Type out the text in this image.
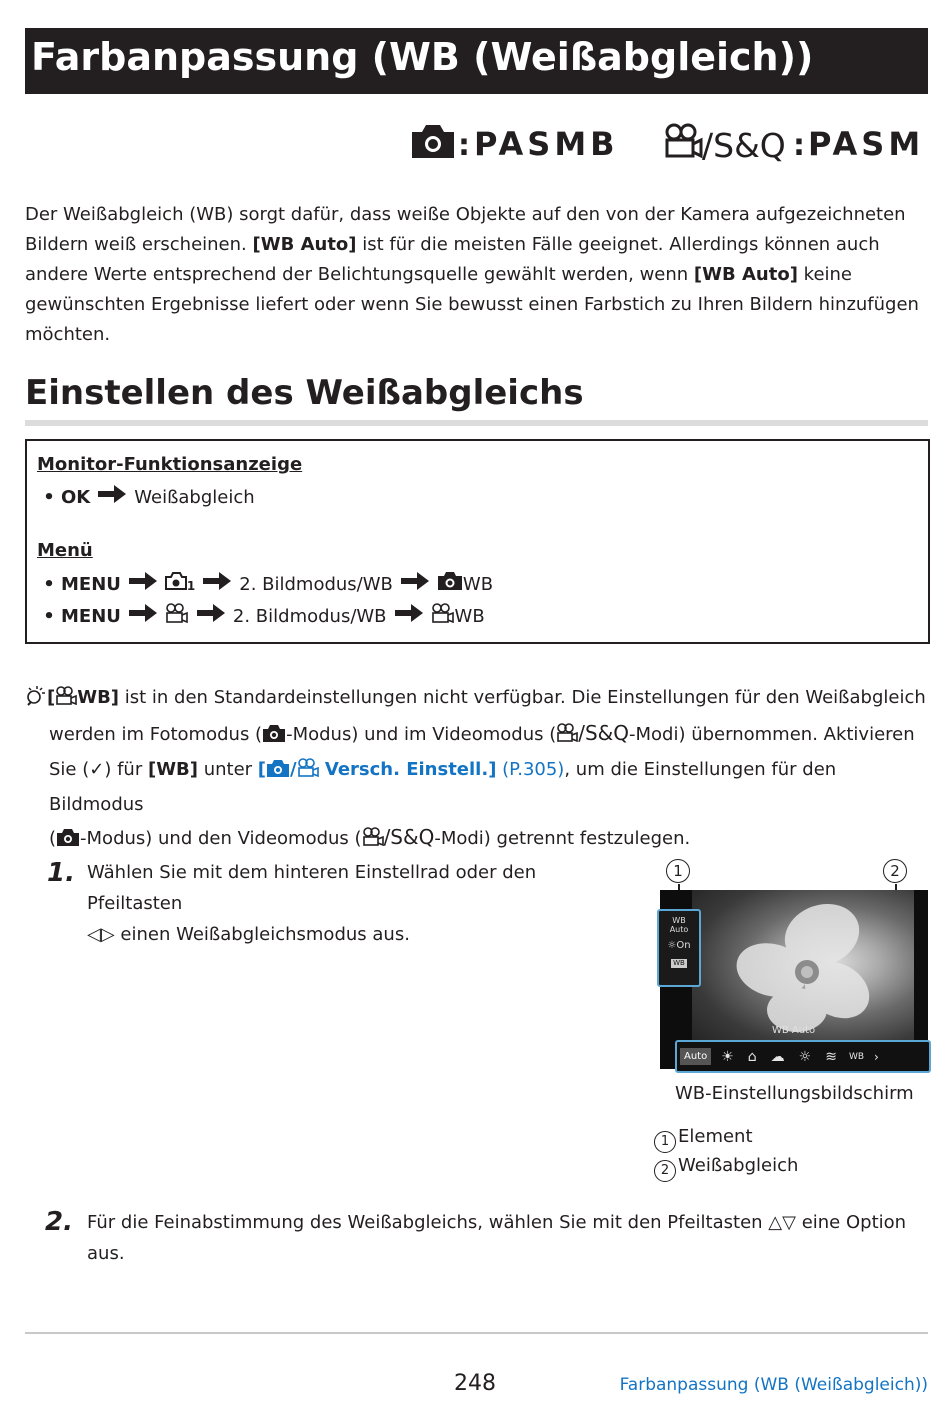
Farbanpassung (WB (Weißabgleich))
: PASMB	/S&Q : PASM
Der Weißabgleich (WB) sorgt dafür, dass weiße Objekte auf den von der Kamera aufgezeichneten Bildern weiß erscheinen. [WB Auto] ist für die meisten Fälle geeignet. Allerdings können auch andere Werte entsprechend der Belichtungsquelle gewählt werden, wenn [WB Auto] keine gewünschten Ergebnisse liefert oder wenn Sie bewusst einen Farbstich zu Ihren Bildern hinzufügen möchten.
Einstellen des Weißabgleichs
Monitor-Funktionsanzeige
• OK Weißabgleich
Menü
• MENU	1 2. Bildmodus/WB	WB
• MENU	2. Bildmodus/WB	WB
[ WB] ist in den Standardeinstellungen nicht verfügbar. Die Einstellungen für den Weißabgleich
werden im Fotomodus ( -Modus) und im Videomodus ( /S&Q-Modi) übernommen. Aktivieren
Sie (✓) für [WB] unter [ / Versch. Einstell.] (P.305), um die Einstellungen für den Bildmodus
( -Modus) und den Videomodus ( /S&Q-Modi) getrennt festzulegen.
1. Wählen Sie mit dem hinteren Einstellrad oder den Pfeiltasten
◁▷ einen Weißabgleichsmodus aus.
1	2
WB
Auto
☼On
WB
WB Auto
Auto ☀ ⌂ ☁ ☼ ≋ WB ›
WB-Einstellungsbildschirm
1 Element
2 Weißabgleich
2. Für die Feinabstimmung des Weißabgleichs, wählen Sie mit den Pfeiltasten △▽ eine Option
aus.
248	Farbanpassung (WB (Weißabgleich))
